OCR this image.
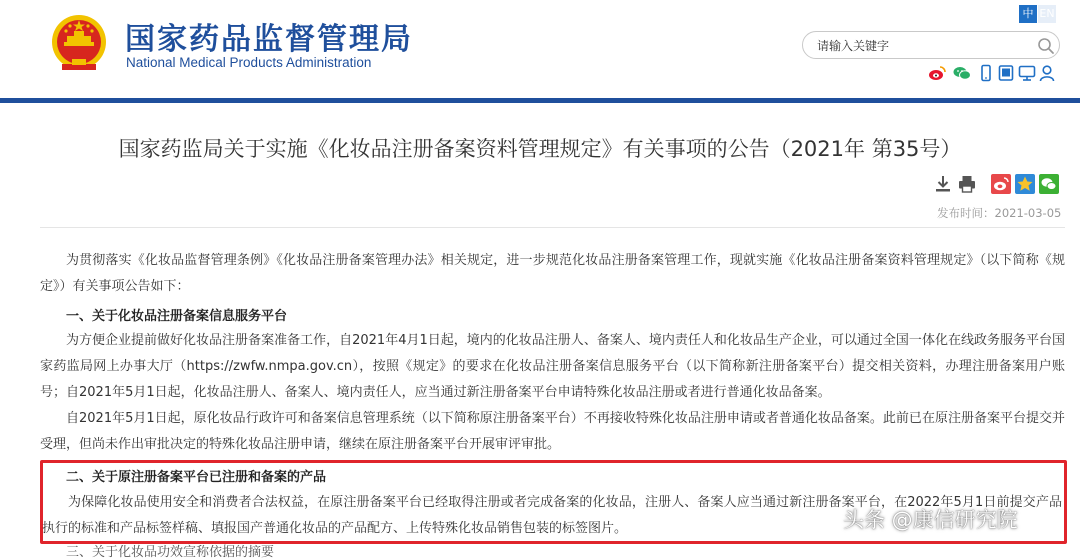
国家药品监督管理局
National Medical Products Administration
中 EN
请输入关键字
国家药监局关于实施《化妆品注册备案资料管理规定》有关事项的公告（2021年 第35号）
发布时间：2021-03-05
为贯彻落实《化妆品监督管理条例》《化妆品注册备案管理办法》相关规定，进一步规范化妆品注册备案管理工作，现就实施《化妆品注册备案资料管理规定》（以下简称《规定》）有关事项公告如下：
一、关于化妆品注册备案信息服务平台
为方便企业提前做好化妆品注册备案准备工作，自2021年4月1日起，境内的化妆品注册人、备案人、境内责任人和化妆品生产企业，可以通过全国一体化在线政务服务平台国家药监局网上办事大厅（https://zwfw.nmpa.gov.cn），按照《规定》的要求在化妆品注册备案信息服务平台（以下简称新注册备案平台）提交相关资料，办理注册备案用户账号；自2021年5月1日起，化妆品注册人、备案人、境内责任人，应当通过新注册备案平台申请特殊化妆品注册或者进行普通化妆品备案。
自2021年5月1日起，原化妆品行政许可和备案信息管理系统（以下简称原注册备案平台）不再接收特殊化妆品注册申请或者普通化妆品备案。此前已在原注册备案平台提交并受理，但尚未作出审批决定的特殊化妆品注册申请，继续在原注册备案平台开展审评审批。
二、关于原注册备案平台已注册和备案的产品
为保障化妆品使用安全和消费者合法权益，在原注册备案平台已经取得注册或者完成备案的化妆品，注册人、备案人应当通过新注册备案平台，在2022年5月1日前提交产品执行的标准和产品标签样稿、填报国产普通化妆品的产品配方、上传特殊化妆品销售包装的标签图片。
三、关于化妆品功效宣称依据的摘要
头条 @康信研究院
